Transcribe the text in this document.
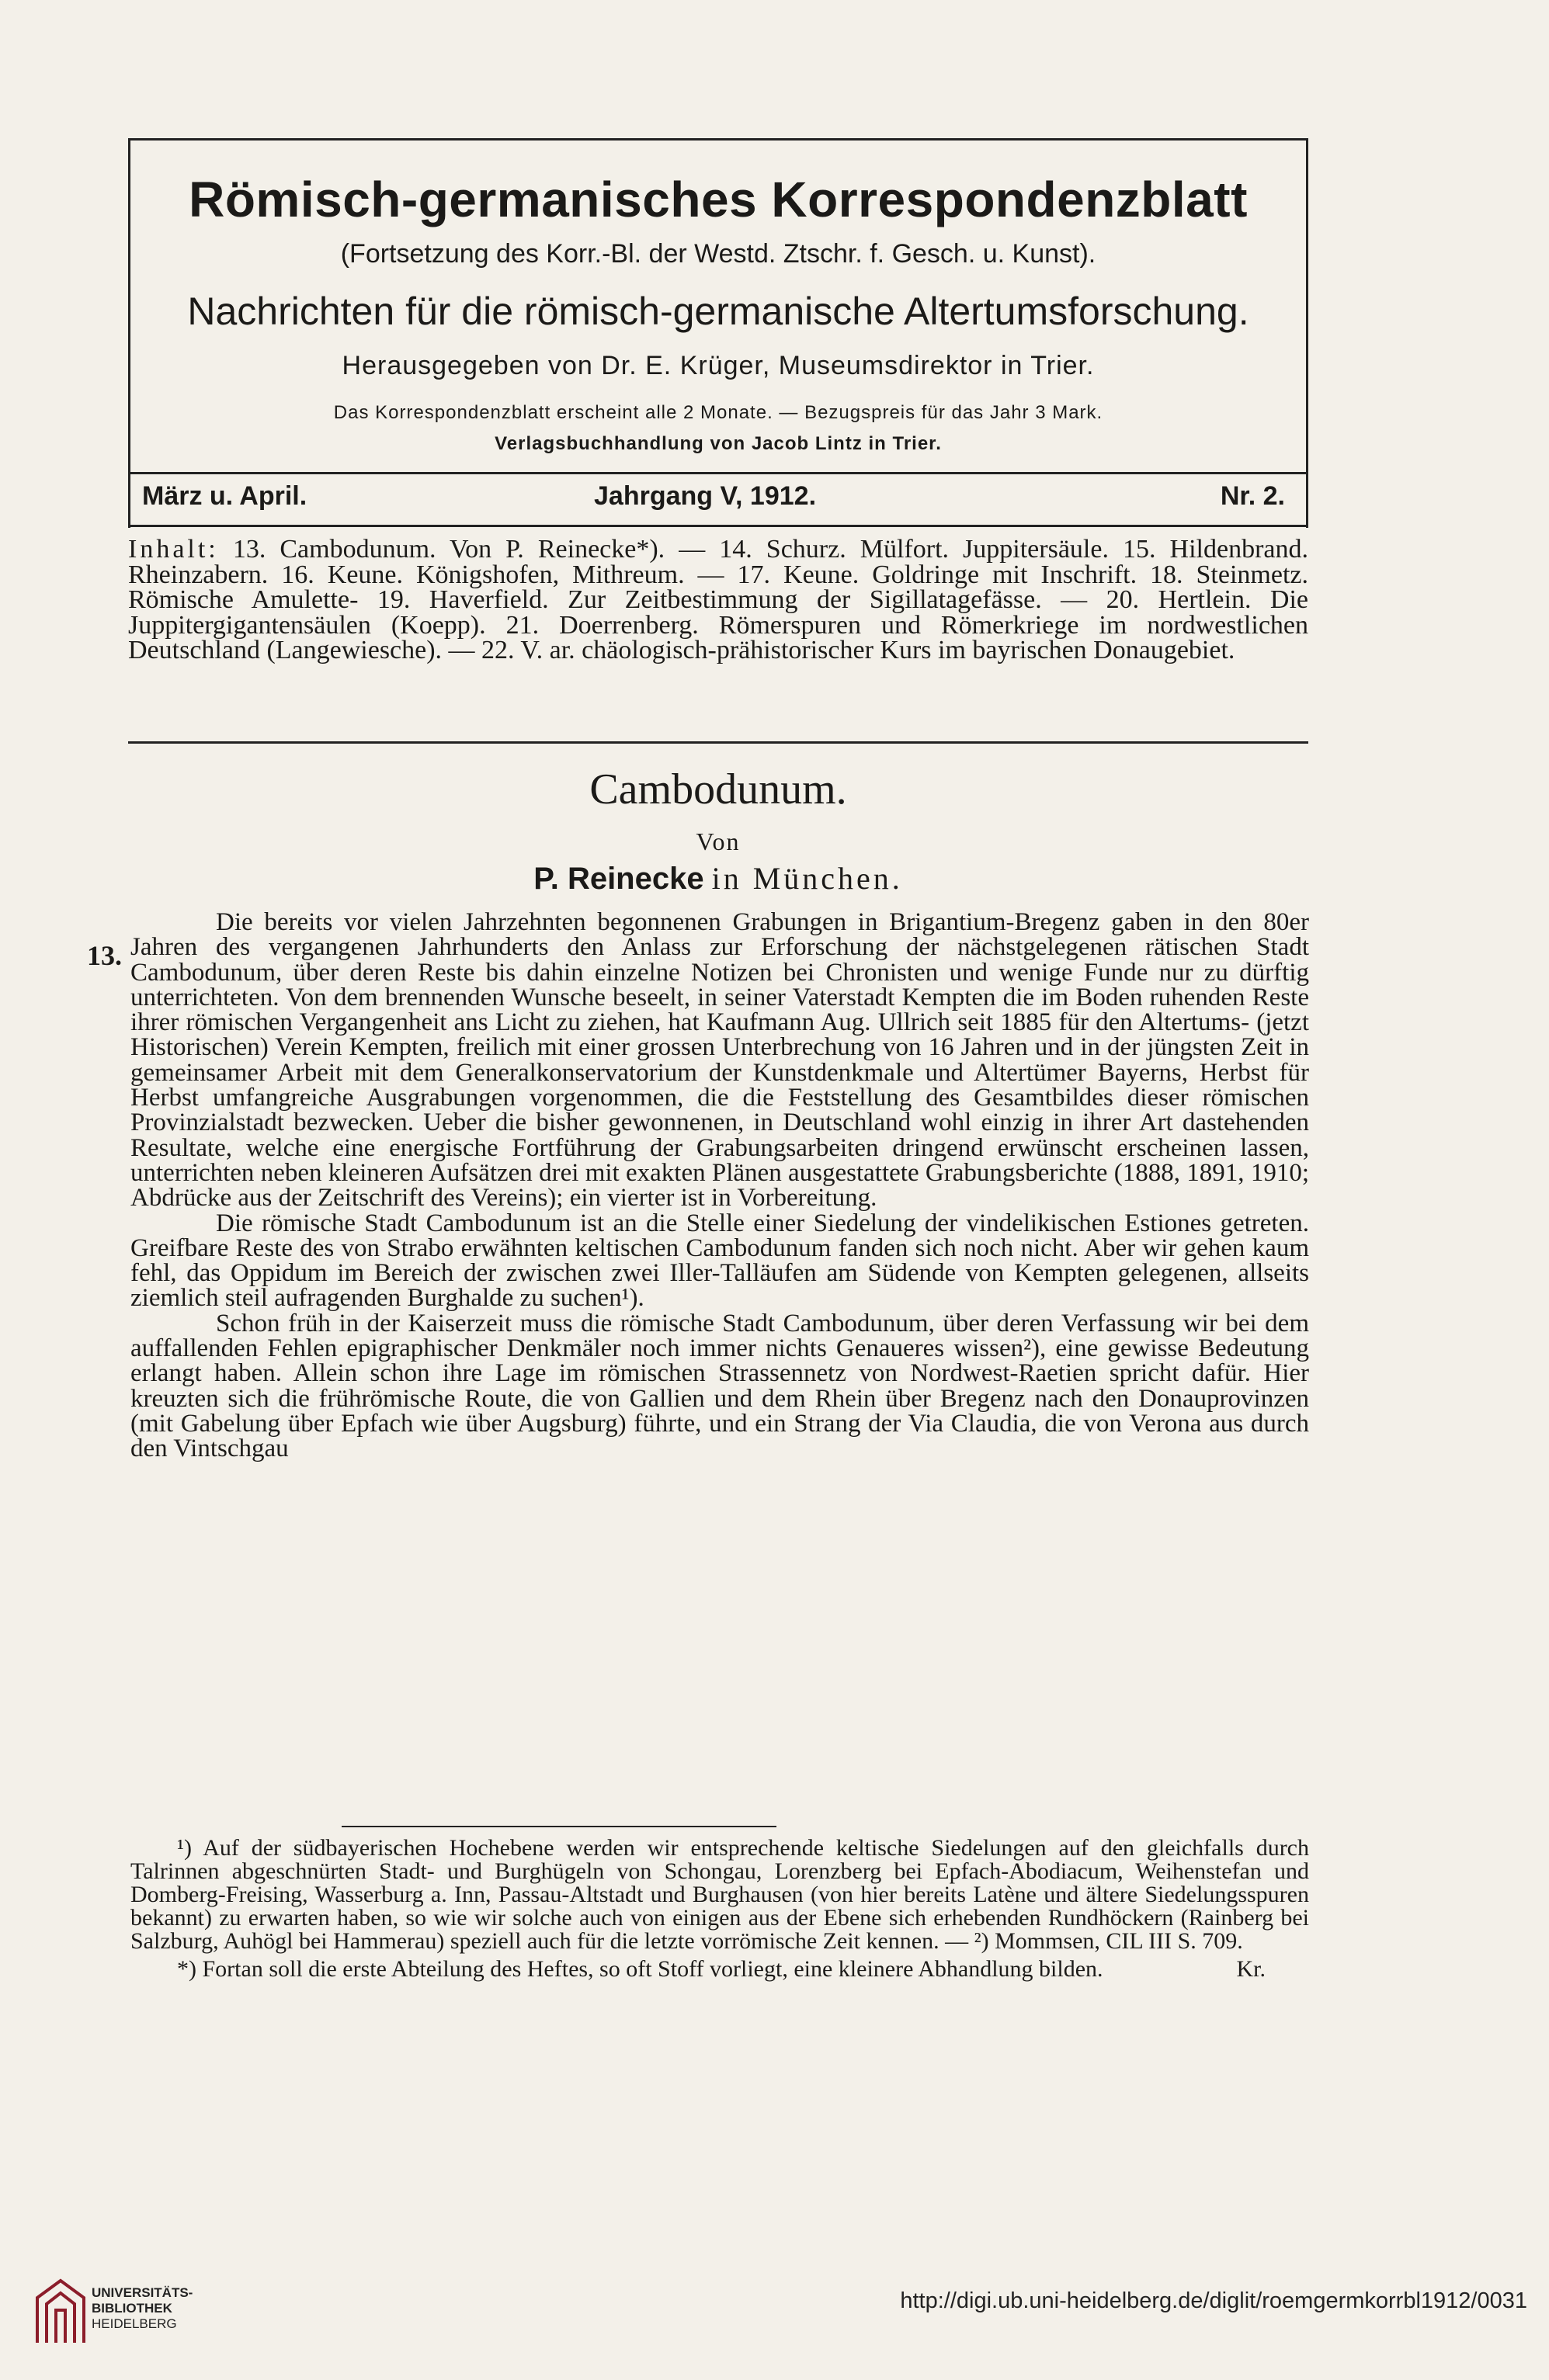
Römisch-germanisches Korrespondenzblatt
(Fortsetzung des Korr.-Bl. der Westd. Ztschr. f. Gesch. u. Kunst).
Nachrichten für die römisch-germanische Altertumsforschung.
Herausgegeben von Dr. E. Krüger, Museumsdirektor in Trier.
Das Korrespondenzblatt erscheint alle 2 Monate. — Bezugspreis für das Jahr 3 Mark.
Verlagsbuchhandlung von Jacob Lintz in Trier.
März u. April.	Jahrgang V, 1912.	Nr. 2.
Inhalt: 13. Cambodunum. Von P. Reinecke*). — 14. Schurz. Mülfort. Juppitersäule. 15. Hildenbrand. Rheinzabern. 16. Keune. Königshofen, Mithreum. — 17. Keune. Goldringe mit Inschrift. 18. Steinmetz. Römische Amulette- 19. Haverfield. Zur Zeitbestimmung der Sigillatagefässe. — 20. Hertlein. Die Juppitergigantensäulen (Koepp). 21. Doerrenberg. Römerspuren und Römerkriege im nordwestlichen Deutschland (Langewiesche). — 22. V. ar. chäologisch-prähistorischer Kurs im bayrischen Donaugebiet.
Cambodunum.
Von
P. Reinecke in München.
13.

Die bereits vor vielen Jahrzehnten begonnenen Grabungen in Brigantium-Bregenz gaben in den 80er Jahren des vergangenen Jahrhunderts den Anlass zur Erforschung der nächstgelegenen rätischen Stadt Cambodunum, über deren Reste bis dahin einzelne Notizen bei Chronisten und wenige Funde nur zu dürftig unterrichteten. Von dem brennenden Wunsche beseelt, in seiner Vaterstadt Kempten die im Boden ruhenden Reste ihrer römischen Vergangenheit ans Licht zu ziehen, hat Kaufmann Aug. Ullrich seit 1885 für den Altertums- (jetzt Historischen) Verein Kempten, freilich mit einer grossen Unterbrechung von 16 Jahren und in der jüngsten Zeit in gemeinsamer Arbeit mit dem Generalkonservatorium der Kunstdenkmale und Altertümer Bayerns, Herbst für Herbst umfangreiche Ausgrabungen vorgenommen, die die Feststellung des Gesamtbildes dieser römischen Provinzialstadt bezwecken. Ueber die bisher gewonnenen, in Deutschland wohl einzig in ihrer Art dastehenden Resultate, welche eine energische Fortführung der Grabungsarbeiten dringend erwünscht erscheinen lassen, unterrichten neben kleineren Aufsätzen drei mit exakten Plänen ausgestattete Grabungsberichte (1888, 1891, 1910; Abdrücke aus der Zeitschrift des Vereins); ein vierter ist in Vorbereitung.

Die römische Stadt Cambodunum ist an die Stelle einer Siedelung der vindelikischen Estiones getreten. Greifbare Reste des von Strabo erwähnten keltischen Cambodunum fanden sich noch nicht. Aber wir gehen kaum fehl, das Oppidum im Bereich der zwischen zwei Iller-Talläufen am Südende von Kempten gelegenen, allseits ziemlich steil aufragenden Burghalde zu suchen¹).

Schon früh in der Kaiserzeit muss die römische Stadt Cambodunum, über deren Verfassung wir bei dem auffallenden Fehlen epigraphischer Denkmäler noch immer nichts Genaueres wissen²), eine gewisse Bedeutung erlangt haben. Allein schon ihre Lage im römischen Strassennetz von Nordwest-Raetien spricht dafür. Hier kreuzten sich die frührömische Route, die von Gallien und dem Rhein über Bregenz nach den Donauprovinzen (mit Gabelung über Epfach wie über Augsburg) führte, und ein Strang der Via Claudia, die von Verona aus durch den Vintschgau

¹) Auf der südbayerischen Hochebene werden wir entsprechende keltische Siedelungen auf den gleichfalls durch Talrinnen abgeschnürten Stadt- und Burghügeln von Schongau, Lorenzberg bei Epfach-Abodiacum, Weihenstefan und Domberg-Freising, Wasserburg a. Inn, Passau-Altstadt und Burghausen (von hier bereits Latène und ältere Siedelungsspuren bekannt) zu erwarten haben, so wie wir solche auch von einigen aus der Ebene sich erhebenden Rundhöckern (Rainberg bei Salzburg, Auhögl bei Hammerau) speziell auch für die letzte vorrömische Zeit kennen. — ²) Mommsen, CIL III S. 709.

*) Fortan soll die erste Abteilung des Heftes, so oft Stoff vorliegt, eine kleinere Abhandlung bilden.	Kr.

UNIVERSITÄTS-
BIBLIOTHEK
HEIDELBERG
http://digi.ub.uni-heidelberg.de/diglit/roemgermkorrbl1912/0031
